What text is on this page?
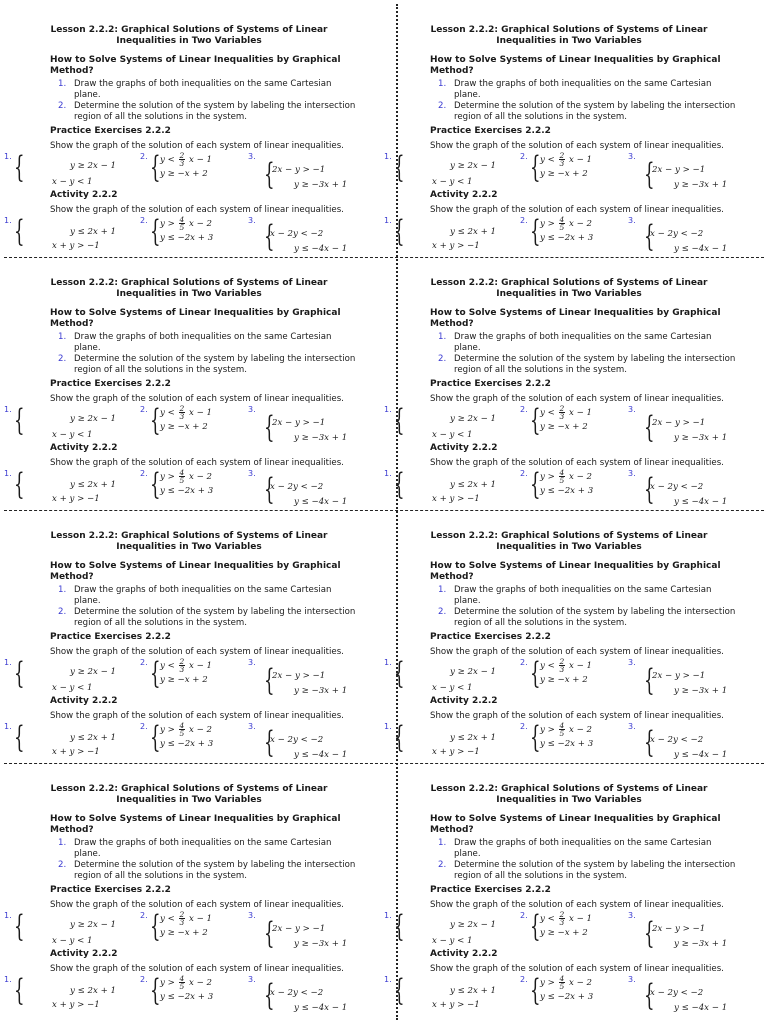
Lesson 2.2.2: Graphical Solutions of Systems of Linear
Inequalities in Two Variables
How to Solve Systems of Linear Inequalities by Graphical Method?
1. Draw the graphs of both inequalities on the same Cartesian plane.
2. Determine the solution of the system by labeling the intersection region of all the solutions in the system.
Practice Exercises 2.2.2
Show the graph of the solution of each system of linear inequalities.
1. {	y ≥ 2x − 1
x − y < 1
2. { $y < \frac{2}{3}$ x − 1
y ≥ −x + 2
3.
{
2x − y > −1
y ≥ −3x + 1
Activity 2.2.2
Show the graph of the solution of each system of linear inequalities.
1. {	y ≤ 2x + 1
x + y > −1
2. { $y > \frac{4}{5}$ x − 2
y ≤ −2x + 3
3. {
x − 2y < −2
y ≤ −4x − 1
Lesson 2.2.2: Graphical Solutions of Systems of Linear
Inequalities in Two Variables
How to Solve Systems of Linear Inequalities by Graphical Method?
1. Draw the graphs of both inequalities on the same Cartesian plane.
2. Determine the solution of the system by labeling the intersection region of all the solutions in the system.
Practice Exercises 2.2.2
Show the graph of the solution of each system of linear inequalities.
1. {	y ≥ 2x − 1
x − y < 1
2. { $y < \frac{2}{3}$ x − 1
y ≥ −x + 2
3.
{
2x − y > −1
y ≥ −3x + 1
Activity 2.2.2
Show the graph of the solution of each system of linear inequalities.
1. {	y ≤ 2x + 1
x + y > −1
2. { $y > \frac{4}{5}$ x − 2
y ≤ −2x + 3
3. {
x − 2y < −2
y ≤ −4x − 1
Lesson 2.2.2: Graphical Solutions of Systems of Linear
Inequalities in Two Variables
How to Solve Systems of Linear Inequalities by Graphical Method?
1. Draw the graphs of both inequalities on the same Cartesian plane.
2. Determine the solution of the system by labeling the intersection region of all the solutions in the system.
Practice Exercises 2.2.2
Show the graph of the solution of each system of linear inequalities.
1. {	y ≥ 2x − 1
x − y < 1
2. { $y < \frac{2}{3}$ x − 1
y ≥ −x + 2
3.
{
2x − y > −1
y ≥ −3x + 1
Activity 2.2.2
Show the graph of the solution of each system of linear inequalities.
1. {	y ≤ 2x + 1
x + y > −1
2. { $y > \frac{4}{5}$ x − 2
y ≤ −2x + 3
3. {
x − 2y < −2
y ≤ −4x − 1
Lesson 2.2.2: Graphical Solutions of Systems of Linear
Inequalities in Two Variables
How to Solve Systems of Linear Inequalities by Graphical Method?
1. Draw the graphs of both inequalities on the same Cartesian plane.
2. Determine the solution of the system by labeling the intersection region of all the solutions in the system.
Practice Exercises 2.2.2
Show the graph of the solution of each system of linear inequalities.
1. {	y ≥ 2x − 1
x − y < 1
2. { $y < \frac{2}{3}$ x − 1
y ≥ −x + 2
3.
{
2x − y > −1
y ≥ −3x + 1
Activity 2.2.2
Show the graph of the solution of each system of linear inequalities.
1. {	y ≤ 2x + 1
x + y > −1
2. { $y > \frac{4}{5}$ x − 2
y ≤ −2x + 3
3. {
x − 2y < −2
y ≤ −4x − 1
Lesson 2.2.2: Graphical Solutions of Systems of Linear
Inequalities in Two Variables
How to Solve Systems of Linear Inequalities by Graphical Method?
1. Draw the graphs of both inequalities on the same Cartesian plane.
2. Determine the solution of the system by labeling the intersection region of all the solutions in the system.
Practice Exercises 2.2.2
Show the graph of the solution of each system of linear inequalities.
1. {	y ≥ 2x − 1
x − y < 1
2. { $y < \frac{2}{3}$ x − 1
y ≥ −x + 2
3.
{
2x − y > −1
y ≥ −3x + 1
Activity 2.2.2
Show the graph of the solution of each system of linear inequalities.
1. {	y ≤ 2x + 1
x + y > −1
2. { $y > \frac{4}{5}$ x − 2
y ≤ −2x + 3
3. {
x − 2y < −2
y ≤ −4x − 1
Lesson 2.2.2: Graphical Solutions of Systems of Linear
Inequalities in Two Variables
How to Solve Systems of Linear Inequalities by Graphical Method?
1. Draw the graphs of both inequalities on the same Cartesian plane.
2. Determine the solution of the system by labeling the intersection region of all the solutions in the system.
Practice Exercises 2.2.2
Show the graph of the solution of each system of linear inequalities.
1. {	y ≥ 2x − 1
x − y < 1
2. { $y < \frac{2}{3}$ x − 1
y ≥ −x + 2
3.
{
2x − y > −1
y ≥ −3x + 1
Activity 2.2.2
Show the graph of the solution of each system of linear inequalities.
1. {	y ≤ 2x + 1
x + y > −1
2. { $y > \frac{4}{5}$ x − 2
y ≤ −2x + 3
3. {
x − 2y < −2
y ≤ −4x − 1
Lesson 2.2.2: Graphical Solutions of Systems of Linear
Inequalities in Two Variables
How to Solve Systems of Linear Inequalities by Graphical Method?
1. Draw the graphs of both inequalities on the same Cartesian plane.
2. Determine the solution of the system by labeling the intersection region of all the solutions in the system.
Practice Exercises 2.2.2
Show the graph of the solution of each system of linear inequalities.
1. {	y ≥ 2x − 1
x − y < 1
2. { $y < \frac{2}{3}$ x − 1
y ≥ −x + 2
3.
{
2x − y > −1
y ≥ −3x + 1
Activity 2.2.2
Show the graph of the solution of each system of linear inequalities.
1. {	y ≤ 2x + 1
x + y > −1
2. { $y > \frac{4}{5}$ x − 2
y ≤ −2x + 3
3. {
x − 2y < −2
y ≤ −4x − 1
Lesson 2.2.2: Graphical Solutions of Systems of Linear
Inequalities in Two Variables
How to Solve Systems of Linear Inequalities by Graphical Method?
1. Draw the graphs of both inequalities on the same Cartesian plane.
2. Determine the solution of the system by labeling the intersection region of all the solutions in the system.
Practice Exercises 2.2.2
Show the graph of the solution of each system of linear inequalities.
1. {	y ≥ 2x − 1
x − y < 1
2. { $y < \frac{2}{3}$ x − 1
y ≥ −x + 2
3.
{
2x − y > −1
y ≥ −3x + 1
Activity 2.2.2
Show the graph of the solution of each system of linear inequalities.
1. {	y ≤ 2x + 1
x + y > −1
2. { $y > \frac{4}{5}$ x − 2
y ≤ −2x + 3
3. {
x − 2y < −2
y ≤ −4x − 1
